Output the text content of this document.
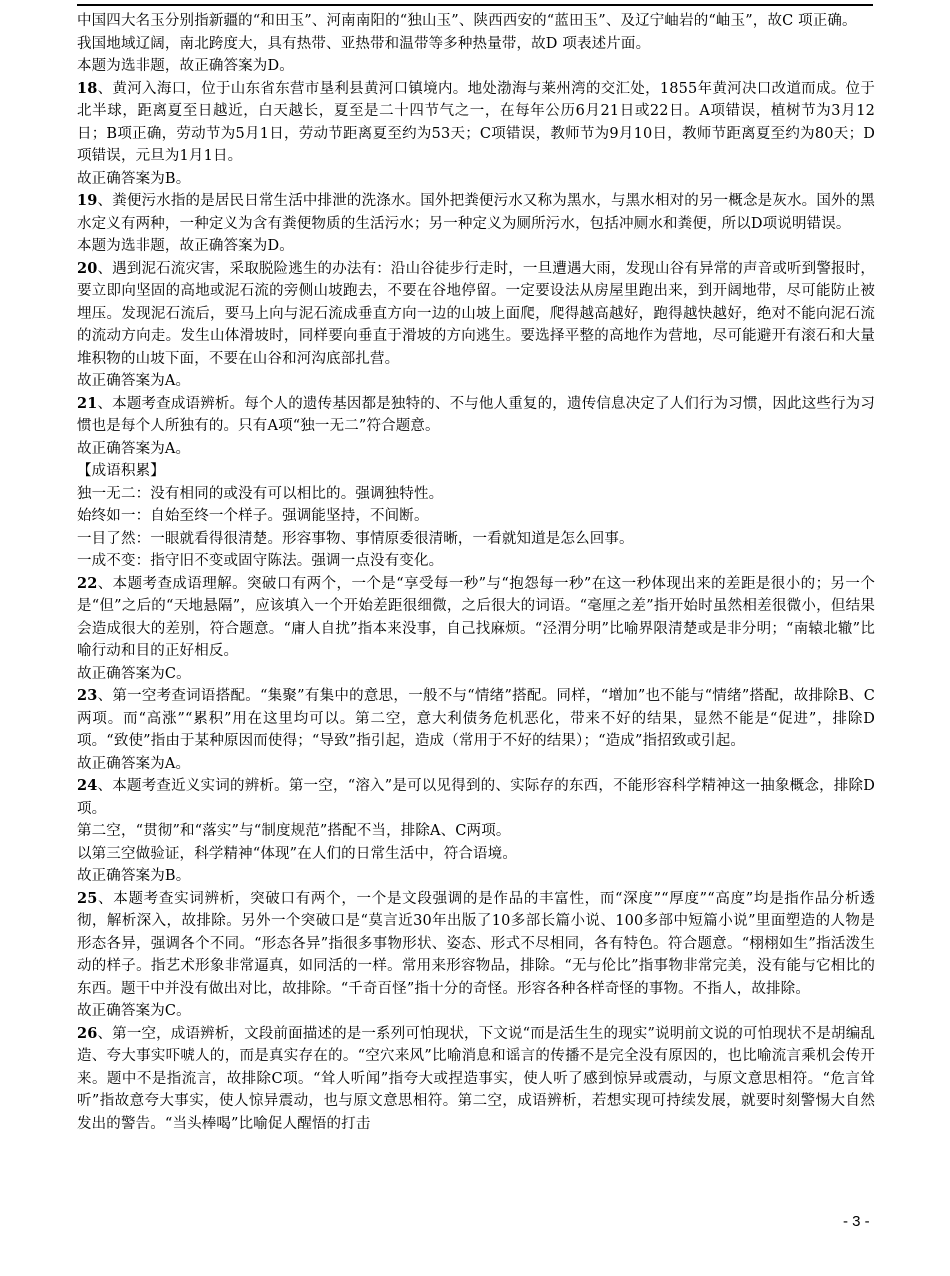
中国四大名玉分别指新疆的“和田玉”、河南南阳的“独山玉”、陕西西安的“蓝田玉”、及辽宁岫岩的“岫玉”，故C 项正确。

我国地域辽阔，南北跨度大，具有热带、亚热带和温带等多种热量带，故D 项表述片面。

本题为选非题，故正确答案为D。

18、黄河入海口，位于山东省东营市垦利县黄河口镇境内。地处渤海与莱州湾的交汇处，1855年黄河决口改道而成。位于北半球，距离夏至日越近，白天越长，夏至是二十四节气之一，在每年公历6月21日或22日。A项错误，植树节为3月12日；B项正确，劳动节为5月1日，劳动节距离夏至约为53天；C项错误，教师节为9月10日，教师节距离夏至约为80天；D项错误，元旦为1月1日。

故正确答案为B。

19、粪便污水指的是居民日常生活中排泄的洗涤水。国外把粪便污水又称为黑水，与黑水相对的另一概念是灰水。国外的黑水定义有两种，一种定义为含有粪便物质的生活污水；另一种定义为厕所污水，包括冲厕水和粪便，所以D项说明错误。

本题为选非题，故正确答案为D。

20、遇到泥石流灾害，采取脱险逃生的办法有：沿山谷徒步行走时，一旦遭遇大雨，发现山谷有异常的声音或听到警报时，要立即向坚固的高地或泥石流的旁侧山坡跑去，不要在谷地停留。一定要设法从房屋里跑出来，到开阔地带，尽可能防止被埋压。发现泥石流后，要马上向与泥石流成垂直方向一边的山坡上面爬，爬得越高越好，跑得越快越好，绝对不能向泥石流的流动方向走。发生山体滑坡时，同样要向垂直于滑坡的方向逃生。要选择平整的高地作为营地，尽可能避开有滚石和大量堆积物的山坡下面，不要在山谷和河沟底部扎营。

故正确答案为A。

21、本题考查成语辨析。每个人的遗传基因都是独特的、不与他人重复的，遗传信息决定了人们行为习惯，因此这些行为习惯也是每个人所独有的。只有A项“独一无二”符合题意。

故正确答案为A。

【成语积累】

独一无二：没有相同的或没有可以相比的。强调独特性。

始终如一：自始至终一个样子。强调能坚持，不间断。

一目了然：一眼就看得很清楚。形容事物、事情原委很清晰，一看就知道是怎么回事。

一成不变：指守旧不变或固守陈法。强调一点没有变化。

22、本题考查成语理解。突破口有两个，一个是“享受每一秒”与“抱怨每一秒”在这一秒体现出来的差距是很小的；另一个是“但”之后的“天地悬隔”，应该填入一个开始差距很细微，之后很大的词语。“毫厘之差”指开始时虽然相差很微小，但结果会造成很大的差别，符合题意。“庸人自扰”指本来没事，自己找麻烦。“泾渭分明”比喻界限清楚或是非分明；“南辕北辙”比喻行动和目的正好相反。

故正确答案为C。

23、第一空考查词语搭配。“集聚”有集中的意思，一般不与“情绪”搭配。同样，“增加”也不能与“情绪”搭配，故排除B、C两项。而“高涨”“累积”用在这里均可以。第二空，意大利债务危机恶化，带来不好的结果，显然不能是“促进”，排除D项。“致使”指由于某种原因而使得；“导致”指引起，造成（常用于不好的结果）；“造成”指招致或引起。

故正确答案为A。

24、本题考查近义实词的辨析。第一空，“溶入”是可以见得到的、实际存的东西，不能形容科学精神这一抽象概念，排除D项。

第二空，“贯彻”和“落实”与“制度规范”搭配不当，排除A、C两项。

以第三空做验证，科学精神“体现”在人们的日常生活中，符合语境。

故正确答案为B。

25、本题考查实词辨析，突破口有两个，一个是文段强调的是作品的丰富性，而“深度”“厚度”“高度”均是指作品分析透彻，解析深入，故排除。另外一个突破口是“莫言近30年出版了10多部长篇小说、100多部中短篇小说”里面塑造的人物是形态各异，强调各个不同。“形态各异”指很多事物形状、姿态、形式不尽相同，各有特色。符合题意。“栩栩如生”指活泼生动的样子。指艺术形象非常逼真，如同活的一样。常用来形容物品，排除。“无与伦比”指事物非常完美，没有能与它相比的东西。题干中并没有做出对比，故排除。“千奇百怪”指十分的奇怪。形容各种各样奇怪的事物。不指人，故排除。

故正确答案为C。

26、第一空，成语辨析，文段前面描述的是一系列可怕现状，下文说“而是活生生的现实”说明前文说的可怕现状不是胡编乱造、夸大事实吓唬人的，而是真实存在的。“空穴来风”比喻消息和谣言的传播不是完全没有原因的，也比喻流言乘机会传开来。题中不是指流言，故排除C项。“耸人听闻”指夸大或捏造事实，使人听了感到惊异或震动，与原文意思相符。“危言耸听”指故意夸大事实，使人惊异震动，也与原文意思相符。第二空，成语辨析，若想实现可持续发展，就要时刻警惕大自然发出的警告。“当头棒喝”比喻促人醒悟的打击

- 3 -
